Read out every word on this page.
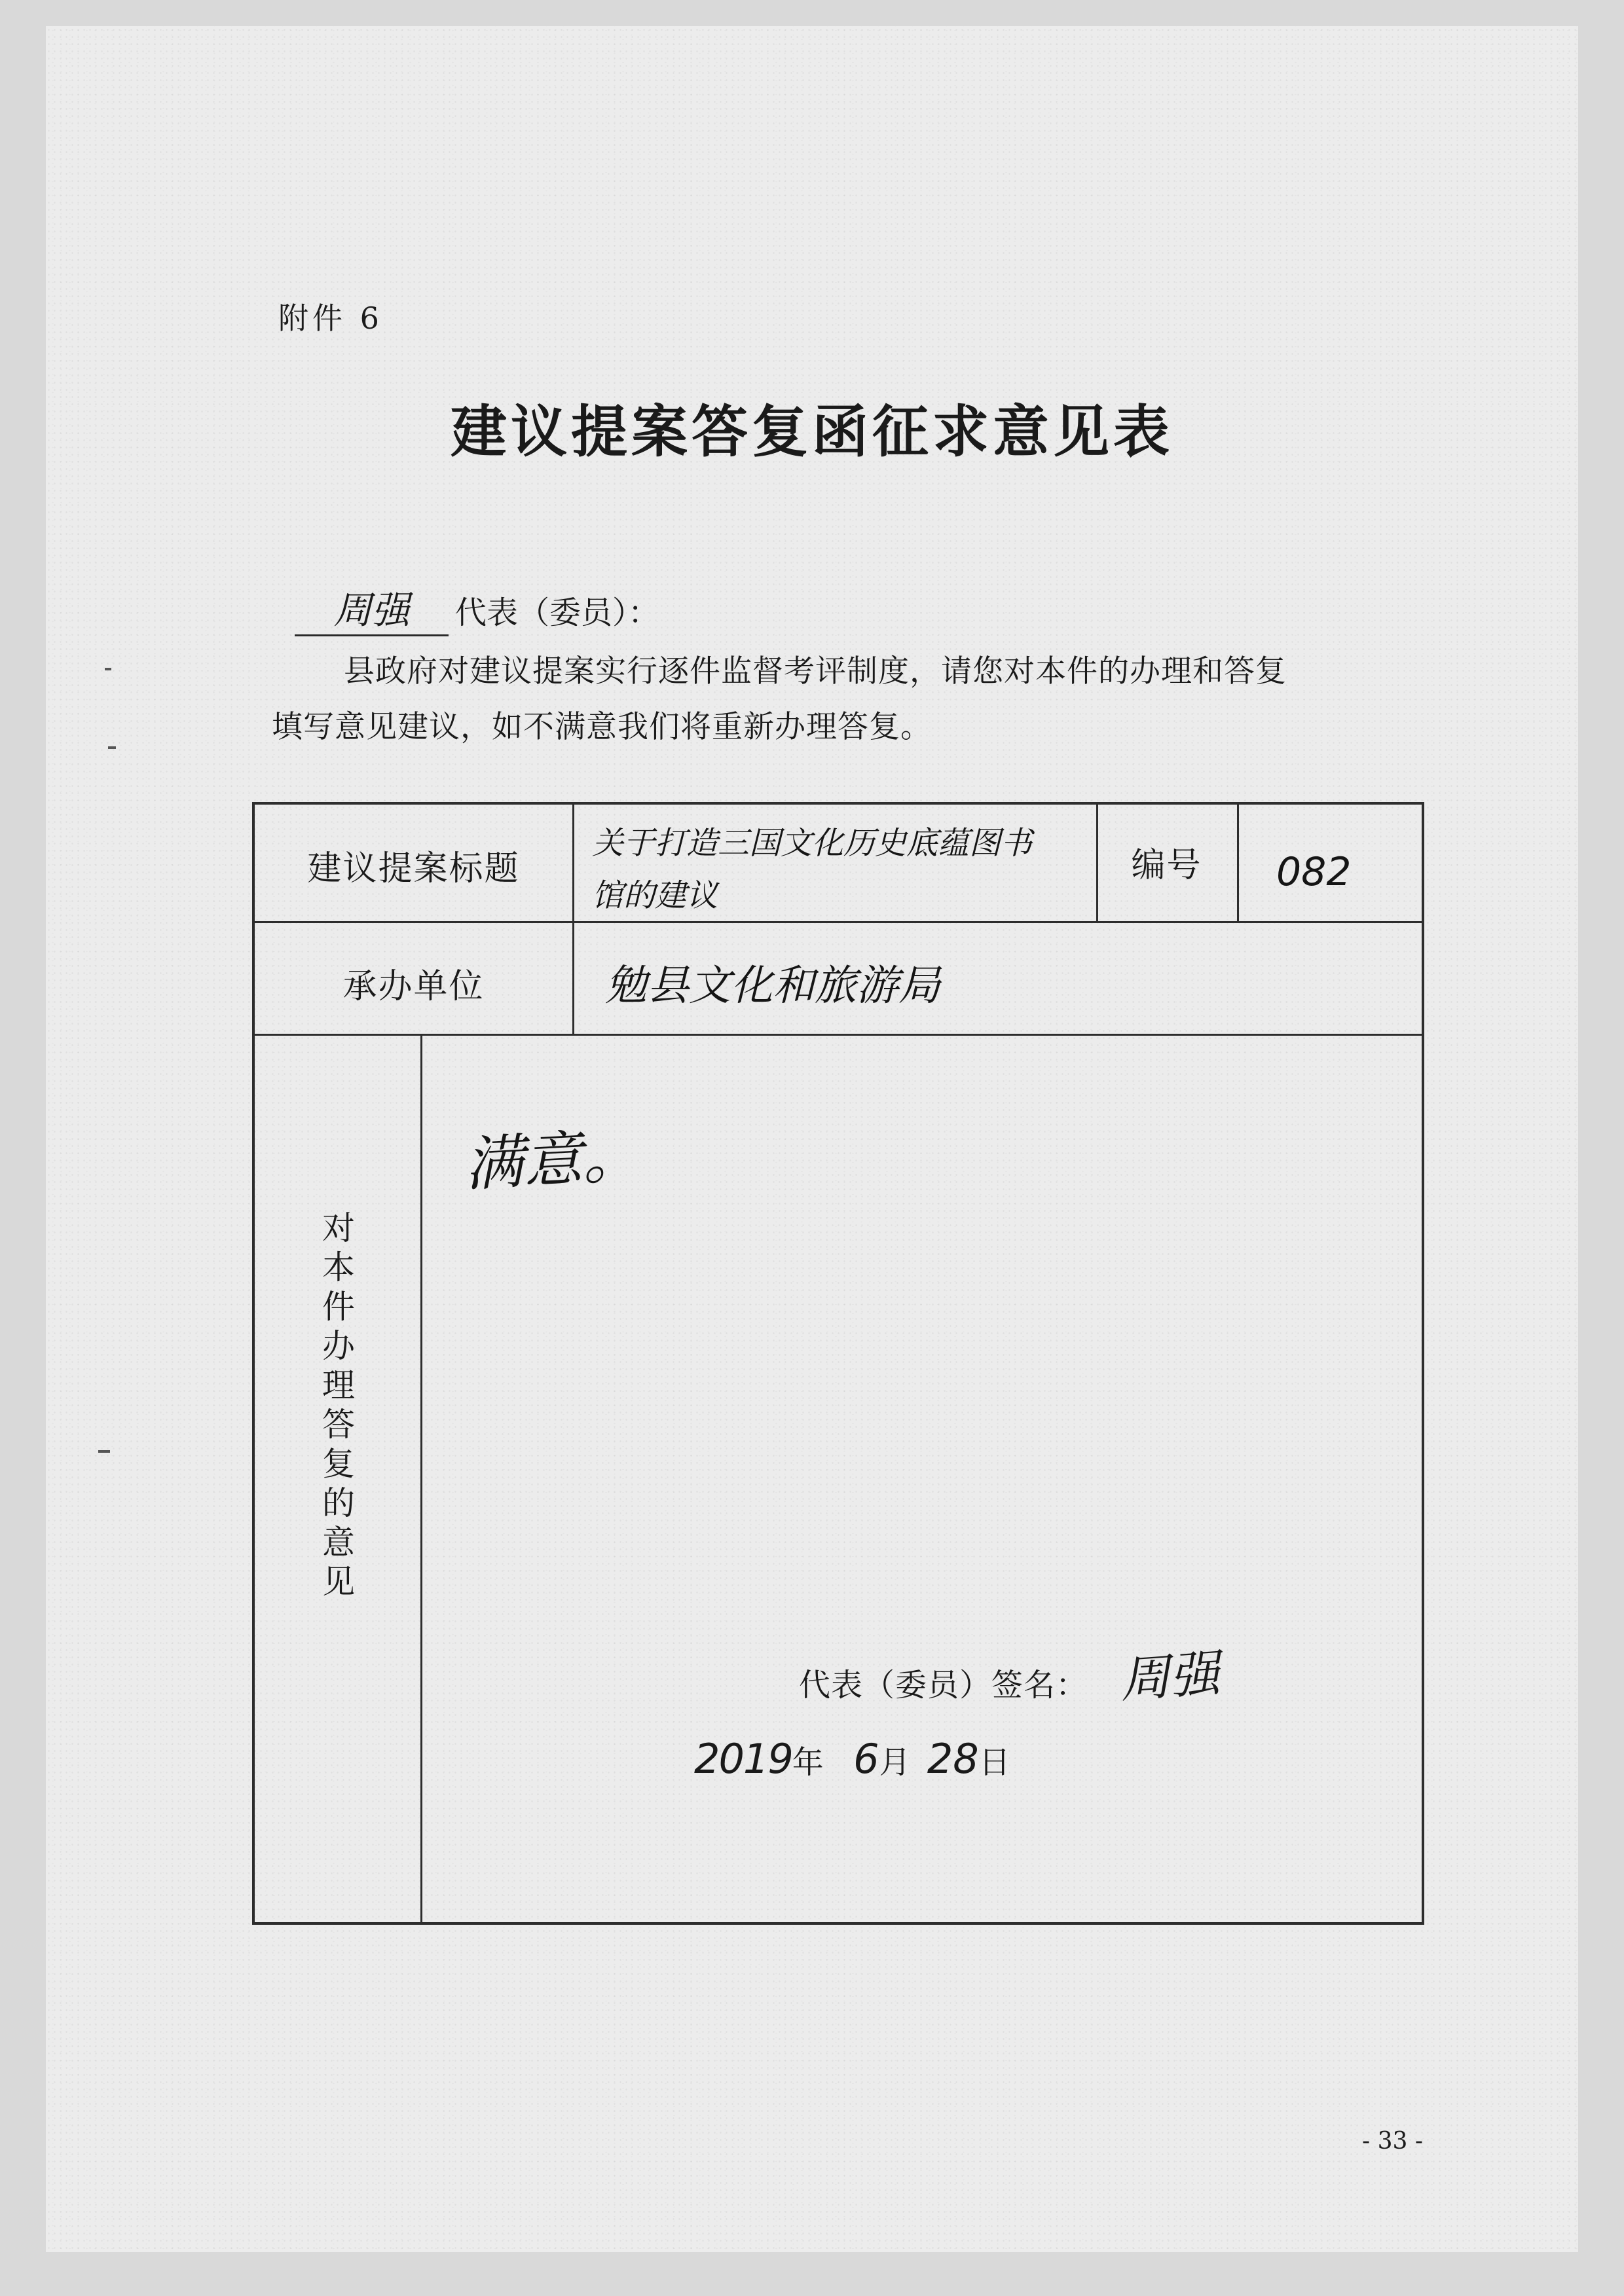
附件 6
建议提案答复函征求意见表
周强 代表（委员）：
县政府对建议提案实行逐件监督考评制度，请您对本件的办理和答复
填写意见建议，如不满意我们将重新办理答复。
建议提案标题
关于打造三国文化历史底蕴图书
馆的建议
编号	082
承办单位	勉县文化和旅游局
对本件办理答复的意见
满意。
代表（委员）签名： 周强
2019年 6月 28日
- 33 -
